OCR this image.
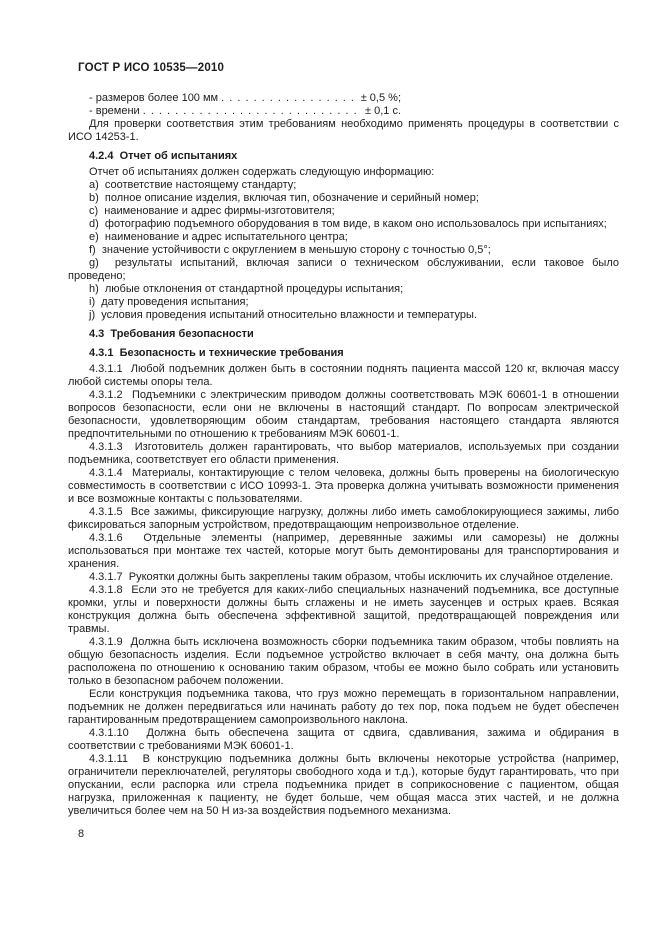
ГОСТ Р ИСО 10535—2010
- размеров более 100 мм . . .	± 0,5 %;
- времени . . .	± 0,1 с.

Для проверки соответствия этим требованиям необходимо применять процедуры в соответствии с ИСО 14253-1.

4.2.4  Отчет об испытаниях

Отчет об испытаниях должен содержать следующую информацию:

a)  соответствие настоящему стандарту;

b)  полное описание изделия, включая тип, обозначение и серийный номер;

c)  наименование и адрес фирмы-изготовителя;

d)  фотографию подъемного оборудования в том виде, в каком оно использовалось при испытаниях;

e)  наименование и адрес испытательного центра;

f)  значение устойчивости с округлением в меньшую сторону с точностью 0,5°;

g)  результаты испытаний, включая записи о техническом обслуживании, если таковое было проведено;

h)  любые отклонения от стандартной процедуры испытания;

i)  дату проведения испытания;

j)  условия проведения испытаний относительно влажности и температуры.

4.3  Требования безопасности

4.3.1  Безопасность и технические требования

4.3.1.1  Любой подъемник должен быть в состоянии поднять пациента массой 120 кг, включая массу любой системы опоры тела.

4.3.1.2  Подъемники с электрическим приводом должны соответствовать МЭК 60601-1 в отношении вопросов безопасности, если они не включены в настоящий стандарт. По вопросам электрической безопасности, удовлетворяющим обоим стандартам, требования настоящего стандарта являются предпочтительными по отношению к требованиям МЭК 60601-1.

4.3.1.3  Изготовитель должен гарантировать, что выбор материалов, используемых при создании подъемника, соответствует его области применения.

4.3.1.4  Материалы, контактирующие с телом человека, должны быть проверены на биологическую совместимость в соответствии с ИСО 10993-1. Эта проверка должна учитывать возможности применения и все возможные контакты с пользователями.

4.3.1.5  Все зажимы, фиксирующие нагрузку, должны либо иметь самоблокирующиеся зажимы, либо фиксироваться запорным устройством, предотвращающим непроизвольное отделение.

4.3.1.6  Отдельные элементы (например, деревянные зажимы или саморезы) не должны использоваться при монтаже тех частей, которые могут быть демонтированы для транспортирования и хранения.

4.3.1.7  Рукоятки должны быть закреплены таким образом, чтобы исключить их случайное отделение.

4.3.1.8  Если это не требуется для каких-либо специальных назначений подъемника, все доступные кромки, углы и поверхности должны быть сглажены и не иметь заусенцев и острых краев. Всякая конструкция должна быть обеспечена эффективной защитой, предотвращающей повреждения или травмы.

4.3.1.9  Должна быть исключена возможность сборки подъемника таким образом, чтобы повлиять на общую безопасность изделия. Если подъемное устройство включает в себя мачту, она должна быть расположена по отношению к основанию таким образом, чтобы ее можно было собрать или установить только в безопасном рабочем положении.

Если конструкция подъемника такова, что груз можно перемещать в горизонтальном направлении, подъемник не должен передвигаться или начинать работу до тех пор, пока подъем не будет обеспечен гарантированным предотвращением самопроизвольного наклона.

4.3.1.10  Должна быть обеспечена защита от сдвига, сдавливания, зажима и обдирания в соответствии с требованиями МЭК 60601-1.

4.3.1.11  В конструкцию подъемника должны быть включены некоторые устройства (например, ограничители переключателей, регуляторы свободного хода и т.д.), которые будут гарантировать, что при опускании, если распорка или стрела подъемника придет в соприкосновение с пациентом, общая нагрузка, приложенная к пациенту, не будет больше, чем общая масса этих частей, и не должна увеличиться более чем на 50 Н из-за воздействия подъемного механизма.

8
